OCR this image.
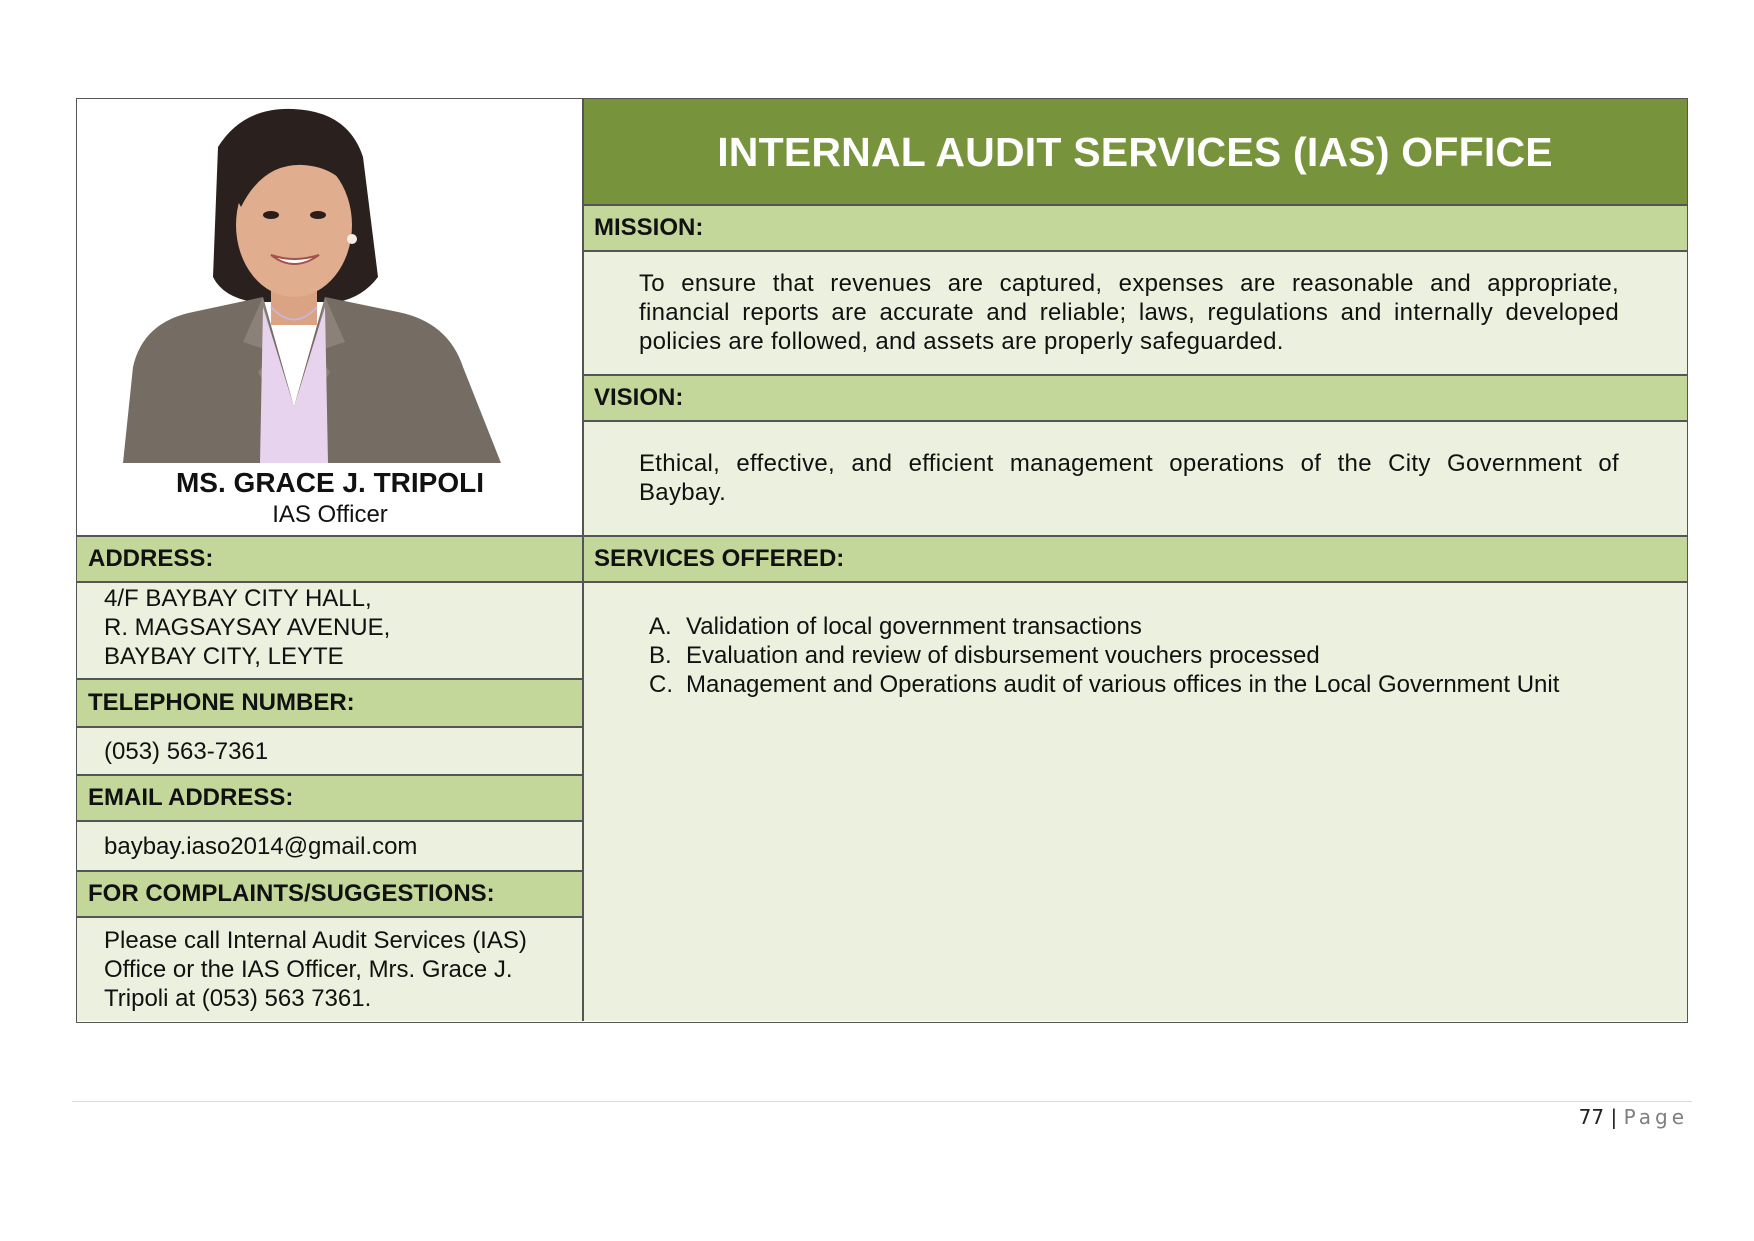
MS. GRACE J. TRIPOLI
IAS Officer
INTERNAL AUDIT SERVICES (IAS) OFFICE
MISSION:
To ensure that revenues are captured, expenses are reasonable and appropriate, financial reports are accurate and reliable; laws, regulations and internally developed policies are followed, and assets are properly safeguarded.
VISION:
Ethical, effective, and efficient management operations of the City Government of Baybay.
ADDRESS:
4/F BAYBAY CITY HALL,
R. MAGSAYSAY AVENUE,
BAYBAY CITY, LEYTE
TELEPHONE NUMBER:
(053) 563-7361
EMAIL ADDRESS:
baybay.iaso2014@gmail.com
FOR COMPLAINTS/SUGGESTIONS:
Please call Internal Audit Services (IAS)
Office or the IAS Officer, Mrs. Grace J.
Tripoli at (053) 563 7361.
SERVICES OFFERED:
A. Validation of local government transactions
B. Evaluation and review of disbursement vouchers processed
C. Management and Operations audit of various offices in the Local Government Unit
77 | Page
